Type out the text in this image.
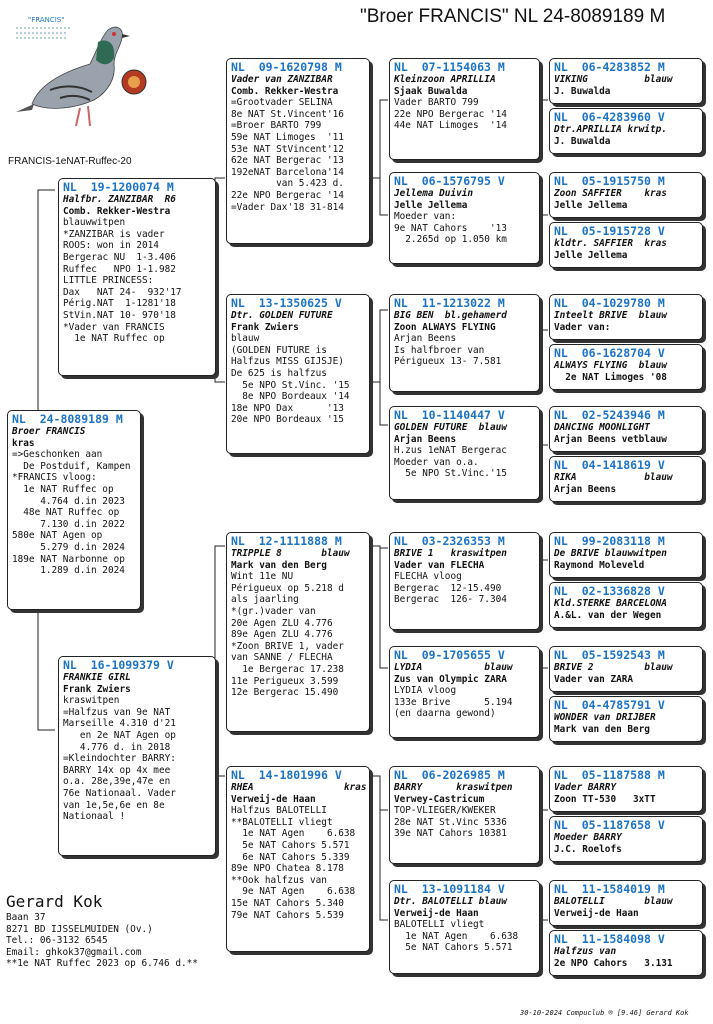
"Broer FRANCIS" NL 24-8089189 M
"FRANCIS"
FRANCIS-1eNAT-Ruffec-20
NL  24-8089189 M
Broer FRANCIS
kras
=>Geschonken aan
De Postduif, Kampen
*FRANCIS vloog:
1e NAT Ruffec op
4.764 d.in 2023
48e NAT Ruffec op
7.130 d.in 2022
580e NAT Agen op
5.279 d.in 2024
189e NAT Narbonne op
1.289 d.in 2024
NL  19-1200074 M
Halfbr. ZANZIBAR  R6
Comb. Rekker-Westra
blauwwitpen
*ZANZIBAR is vader
ROOS: won in 2014
Bergerac NU  1-3.406
Ruffec   NPO 1-1.982
LITTLE PRINCESS:
Dax   NAT 24-  932'17
Périg.NAT  1-1281'18
StVin.NAT 10- 970'18
*Vader van FRANCIS
1e NAT Ruffec op
NL  16-1099379 V
FRANKIE GIRL
Frank Zwiers
kraswitpen
=Halfzus van 9e NAT
Marseille 4.310 d'21
en 2e NAT Agen op
4.776 d. in 2018
=Kleindochter BARRY:
BARRY 14x op 4x mee
o.a. 28e,39e,47e en
76e Nationaal. Vader
van 1e,5e,6e en 8e
Nationaal !
NL  09-1620798 M
Vader van ZANZIBAR
Comb. Rekker-Westra
=Grootvader SELINA
8e NAT St.Vincent'16
=Broer BARTO 799
59e NAT Limoges  '11
53e NAT StVincent'12
62e NAT Bergerac '13
192eNAT Barcelona'14
van 5.423 d.
22e NPO Bergerac '14
=Vader Dax'18 31-814
NL  13-1350625 V
Dtr. GOLDEN FUTURE
Frank Zwiers
blauw
(GOLDEN FUTURE is
Halfzus MISS GIJSJE)
De 625 is halfzus
5e NPO St.Vinc. '15
8e NPO Bordeaux '14
18e NPO Dax      '13
20e NPO Bordeaux '15
NL  12-1111888 M
TRIPPLE 8       blauw
Mark van den Berg
Wint 11e NU
Périgueux op 5.218 d
als jaarling
*(gr.)vader van
20e Agen ZLU 4.776
89e Agen ZLU 4.776
*Zoon BRIVE 1, vader
van SANNE / FLECHA
1e Bergerac 17.238
11e Perigueux 3.599
12e Bergerac 15.490
NL  14-1801996 V
RHEA                kras
Verweij-de Haan
Halfzus BALOTELLI
**BALOTELLI vliegt
1e NAT Agen    6.638
5e NAT Cahors 5.571
6e NAT Cahors 5.339
89e NPO Chatea 8.178
**Ook halfzus van
9e NAT Agen    6.638
15e NAT Cahors 5.340
79e NAT Cahors 5.539
NL  07-1154063 M
Kleinzoon APRILLIA
Sjaak Buwalda
Vader BARTO 799
22e NPO Bergerac '14
44e NAT Limoges  '14
NL  06-1576795 V
Jellema Duivin
Jelle Jellema
Moeder van:
9e NAT Cahors    '13
2.265d op 1.050 km
NL  11-1213022 M
BIG BEN  bl.gehamerd
Zoon ALWAYS FLYING
Arjan Beens
Is halfbroer van
Périgueux 13- 7.581
NL  10-1140447 V
GOLDEN FUTURE  blauw
Arjan Beens
H.zus 1eNAT Bergerac
Moeder van o.a.
5e NPO St.Vinc.'15
NL  03-2326353 M
BRIVE 1   kraswitpen
Vader van FLECHA
FLECHA vloog
Bergerac  12-15.490
Bergerac  126- 7.304
NL  09-1705655 V
LYDIA           blauw
Zus van Olympic ZARA
LYDIA vloog
133e Brive      5.194
(en daarna gewond)
NL  06-2026985 M
BARRY      kraswitpen
Verwey-Castricum
TOP-VLIEGER/KWEKER
28e NAT St.Vinc 5336
39e NAT Cahors 10381
NL  13-1091184 V
Dtr. BALOTELLI blauw
Verweij-de Haan
BALOTELLI vliegt
1e NAT Agen    6.638
5e NAT Cahors 5.571
NL  06-4283852 M
VIKING          blauw
J. Buwalda
NL  06-4283960 V
Dtr.APRILLIA krwitp.
J. Buwalda
NL  05-1915750 M
Zoon SAFFIER    kras
Jelle Jellema
NL  05-1915728 V
kldtr. SAFFIER  kras
Jelle Jellema
NL  04-1029780 M
Inteelt BRIVE  blauw
Vader van:
NL  06-1628704 V
ALWAYS FLYING  blauw
2e NAT Limoges '08
NL  02-5243946 M
DANCING MOONLIGHT
Arjan Beens vetblauw
NL  04-1418619 V
RIKA            blauw
Arjan Beens
NL  99-2083118 M
De BRIVE blauwwitpen
Raymond Moleveld
NL  02-1336828 V
Kld.STERKE BARCELONA
A.&L. van der Wegen
NL  05-1592543 M
BRIVE 2         blauw
Vader van ZARA
NL  04-4785791 V
WONDER van DRIJBER
Mark van den Berg
NL  05-1187588 M
Vader BARRY
Zoon TT-530   3xTT
NL  05-1187658 V
Moeder BARRY
J.C. Roelofs
NL  11-1584019 M
BALOTELLI       blauw
Verweij-de Haan
NL  11-1584098 V
Halfzus van
2e NPO Cahors   3.131
Gerard Kok
Baan 37
8271 BD IJSSELMUIDEN (Ov.)
Tel.: 06-3132 6545
Email: ghkok37@gmail.com
**1e NAT Ruffec 2023 op 6.746 d.**
30-10-2024 Compuclub ® [9.46] Gerard Kok
